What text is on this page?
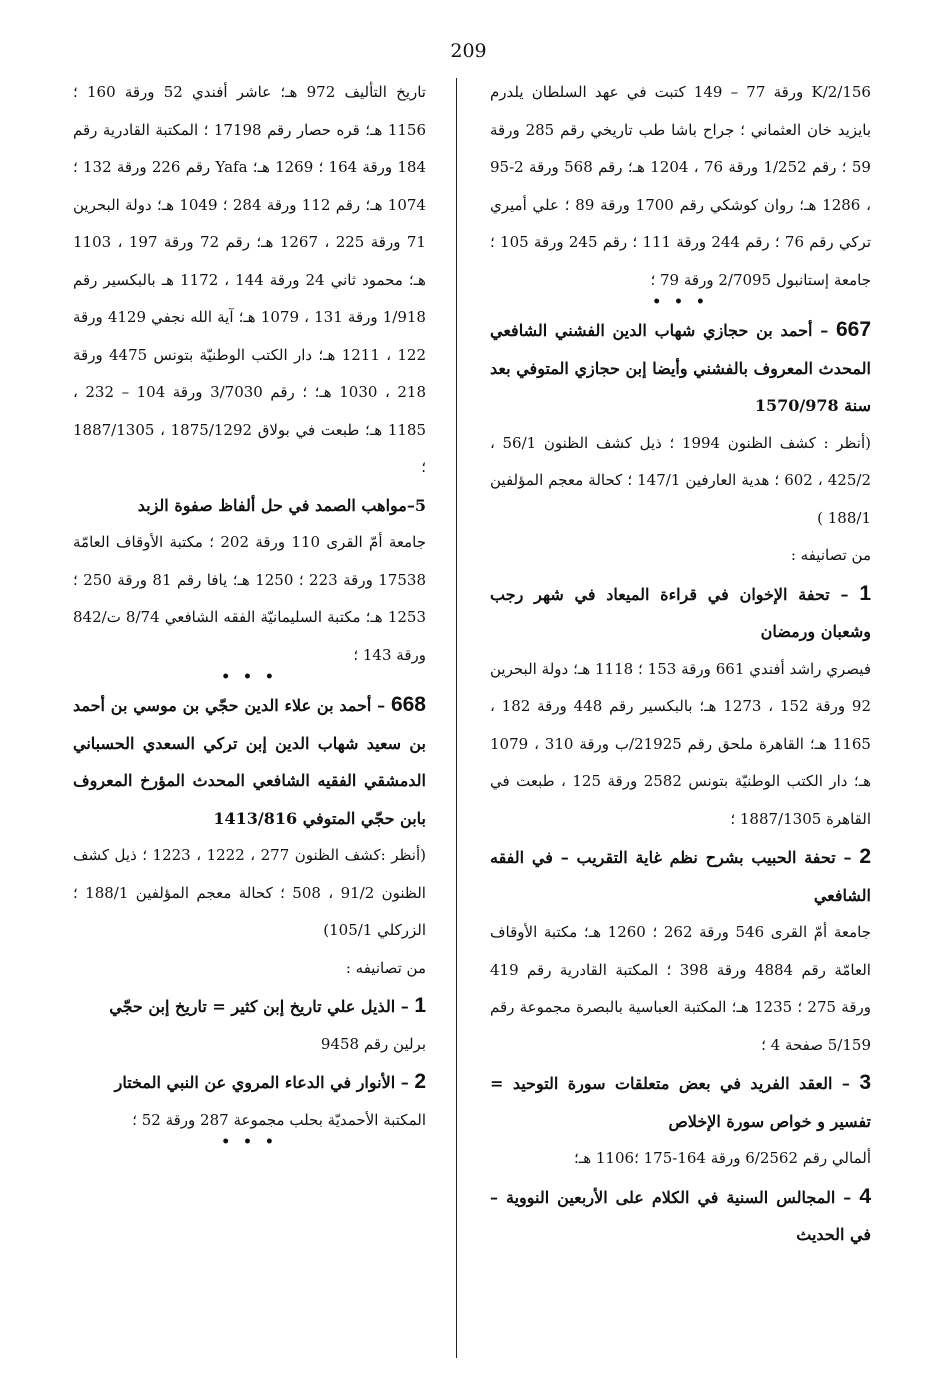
209

2/156/K ورقة 77 – 149 كتبت في عهد السلطان يلدرم بايزيد خان العثماني ؛ جراح باشا طب تاريخي رقم 285 ورقة 59 ؛ رقم 1/252 ورقة 76 ، 1204 هـ؛ رقم 568 ورقة 2-95 ، 1286 هـ؛ روان كوشكي رقم 1700 ورقة 89 ؛ علي أميري تركي رقم 76 ؛ رقم 244 ورقة 111 ؛ رقم 245 ورقة 105 ؛ جامعة إستانبول 2/7095 ورقة 79 ؛

• • •

667 – أحمد بن حجازي شهاب الدين الفشني الشافعي المحدث المعروف بالفشني وأيضا إبن حجازي المتوفي بعد سنة 1570/978

(أنظر : كشف الظنون 1994 ؛ ذيل كشف الظنون 56/1 ، 425/2 ، 602 ؛ هدية العارفين 147/1 ؛ كحالة معجم المؤلفين 188/1 )

من تصانيفه :

1 – تحفة الإخوان في قراءة الميعاد في شهر رجب وشعبان ورمضان

فيصري راشد أفندي 661 ورقة 153 ؛ 1118 هـ؛ دولة البحرين 92 ورقة 152 ، 1273 هـ؛ بالبكسير رقم 448 ورقة 182 ، 1165 هـ؛ القاهرة ملحق رقم 21925/ب ورقة 310 ، 1079 هـ؛ دار الكتب الوطنيّة بتونس 2582 ورقة 125 ، طبعت في القاهرة 1887/1305 ؛

2 – تحفة الحبيب بشرح نظم غاية التقريب – في الفقه الشافعي

جامعة أمّ القرى 546 ورقة 262 ؛ 1260 هـ؛ مكتبة الأوقاف العامّة رقم 4884 ورقة 398 ؛ المكتبة القادرية رقم 419 ورقة 275 ؛ 1235 هـ؛ المكتبة العباسية بالبصرة مجموعة رقم 5/159 صفحة 4 ؛

3 – العقد الفريد في بعض متعلقات سورة التوحيد = تفسير و خواص سورة الإخلاص

ألمالي رقم 6/2562 ورقة 164-175 ؛1106 هـ؛

4 – المجالس السنية في الكلام على الأربعين النووية – في الحديث

تاريخ التأليف 972 هـ؛ عاشر أفندي 52 ورقة 160 ؛ 1156 هـ؛ قره حصار رقم 17198 ؛ المكتبة القادرية رقم 184 ورقة 164 ؛ 1269 هـ؛ Yafa رقم 226 ورقة 132 ؛ 1074 هـ؛ رقم 112 ورقة 284 ؛ 1049 هـ؛ دولة البحرين 71 ورقة 225 ، 1267 هـ؛ رقم 72 ورقة 197 ، 1103 هـ؛ محمود ثاني 24 ورقة 144 ، 1172 هـ بالبكسير رقم 1/918 ورقة 131 ، 1079 هـ؛ آية الله نجفي 4129 ورقة 122 ، 1211 هـ؛ دار الكتب الوطنيّة بتونس 4475 ورقة 218 ، 1030 هـ؛ ؛ رقم 3/7030 ورقة 104 – 232 ، 1185 هـ؛ طبعت في بولاق 1875/1292 ، 1887/1305 ؛

5–مواهب الصمد في حل ألفاظ صفوة الزبد

جامعة أمّ القرى 110 ورقة 202 ؛ مكتبة الأوقاف العامّة 17538 ورقة 223 ؛ 1250 هـ؛ يافا رقم 81 ورقة 250 ؛ 1253 هـ؛ مكتبة السليمانيّة الفقه الشافعي 8/74 ت/842 ورقة 143 ؛

• • •

668 – أحمد بن علاء الدين حجّي بن موسي بن أحمد بن سعيد شهاب الدين إبن تركي السعدي الحسباني الدمشقي الفقيه الشافعي المحدث المؤرخ المعروف بابن حجّي المتوفي 1413/816

(أنظر :كشف الظنون 277 ، 1222 ، 1223 ؛ ذيل كشف الظنون 91/2 ، 508 ؛ كحالة معجم المؤلفين 188/1 ؛ الزركلي 105/1)

من تصانيفه :

1 – الذيل علي تاريخ إبن كثير = تاريخ إبن حجّي

برلين رقم 9458

2 – الأنوار في الدعاء المروي عن النبي المختار

المكتبة الأحمديّة بحلب مجموعة 287 ورقة 52 ؛

• • •
